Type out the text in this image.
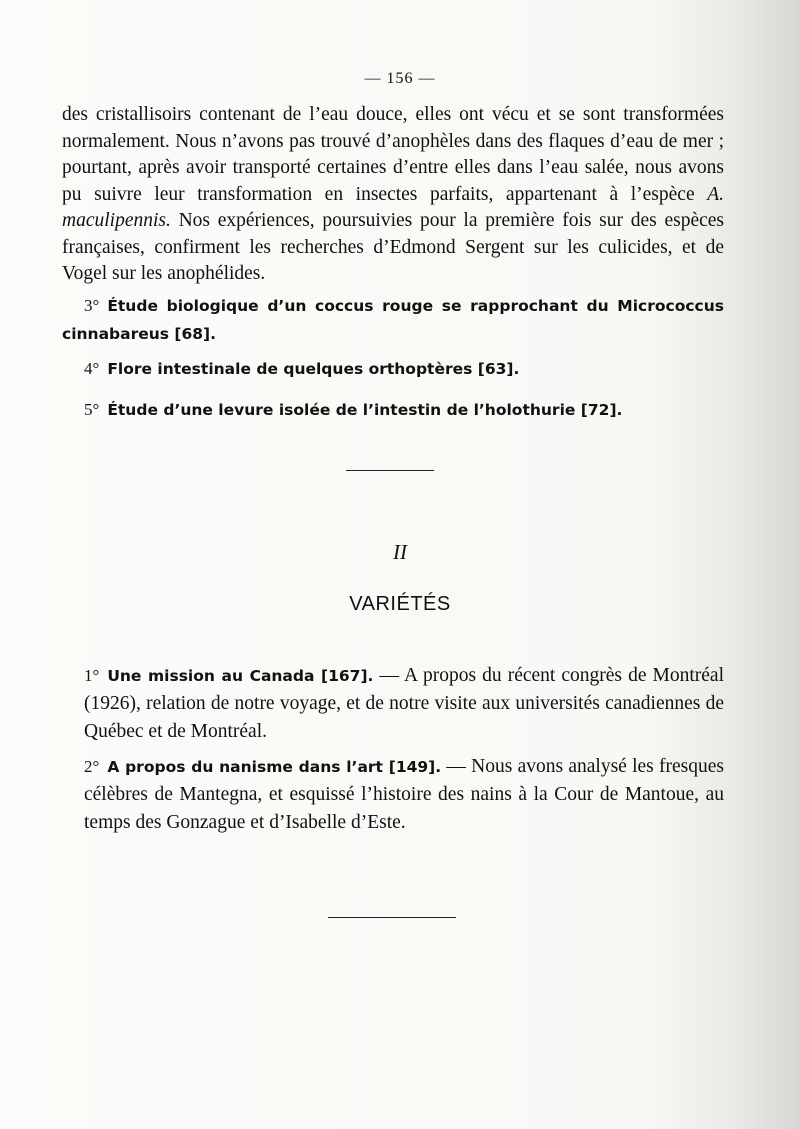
— 156 —

des cristallisoirs contenant de l’eau douce, elles ont vécu et se sont transformées normalement. Nous n’avons pas trouvé d’anophèles dans des flaques d’eau de mer ; pourtant, après avoir transporté certaines d’entre elles dans l’eau salée, nous avons pu suivre leur transformation en insectes parfaits, appartenant à l’espèce A. maculipennis. Nos expériences, poursuivies pour la première fois sur des espèces françaises, confirment les recherches d’Edmond Sergent sur les culicides, et de Vogel sur les anophélides.

3° Étude biologique d’un coccus rouge se rapprochant du Micrococcus cinnabareus [68].

4° Flore intestinale de quelques orthoptères [63].

5° Étude d’une levure isolée de l’intestin de l’holothurie [72].

II
VARIÉTÉS

1° Une mission au Canada [167]. — A propos du récent congrès de Montréal (1926), relation de notre voyage, et de notre visite aux universités canadiennes de Québec et de Montréal.

2° A propos du nanisme dans l’art [149]. — Nous avons analysé les fresques célèbres de Mantegna, et esquissé l’histoire des nains à la Cour de Mantoue, au temps des Gonzague et d’Isabelle d’Este.
